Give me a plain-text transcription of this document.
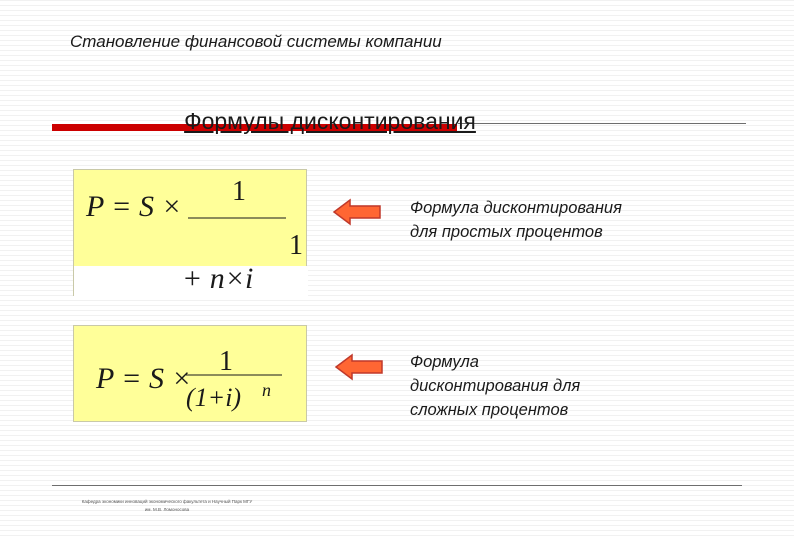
Становление финансовой системы компании
Формулы дисконтирования
P = S × 1
1
+ n×i
Формула дисконтирования
для простых процентов
P = S ×
1
(1+i) n
Формула
дисконтирования для
сложных процентов
Кафедра экономики инноваций экономического факультета и Научный Парк МГУ
им. М.В. Ломоносова
